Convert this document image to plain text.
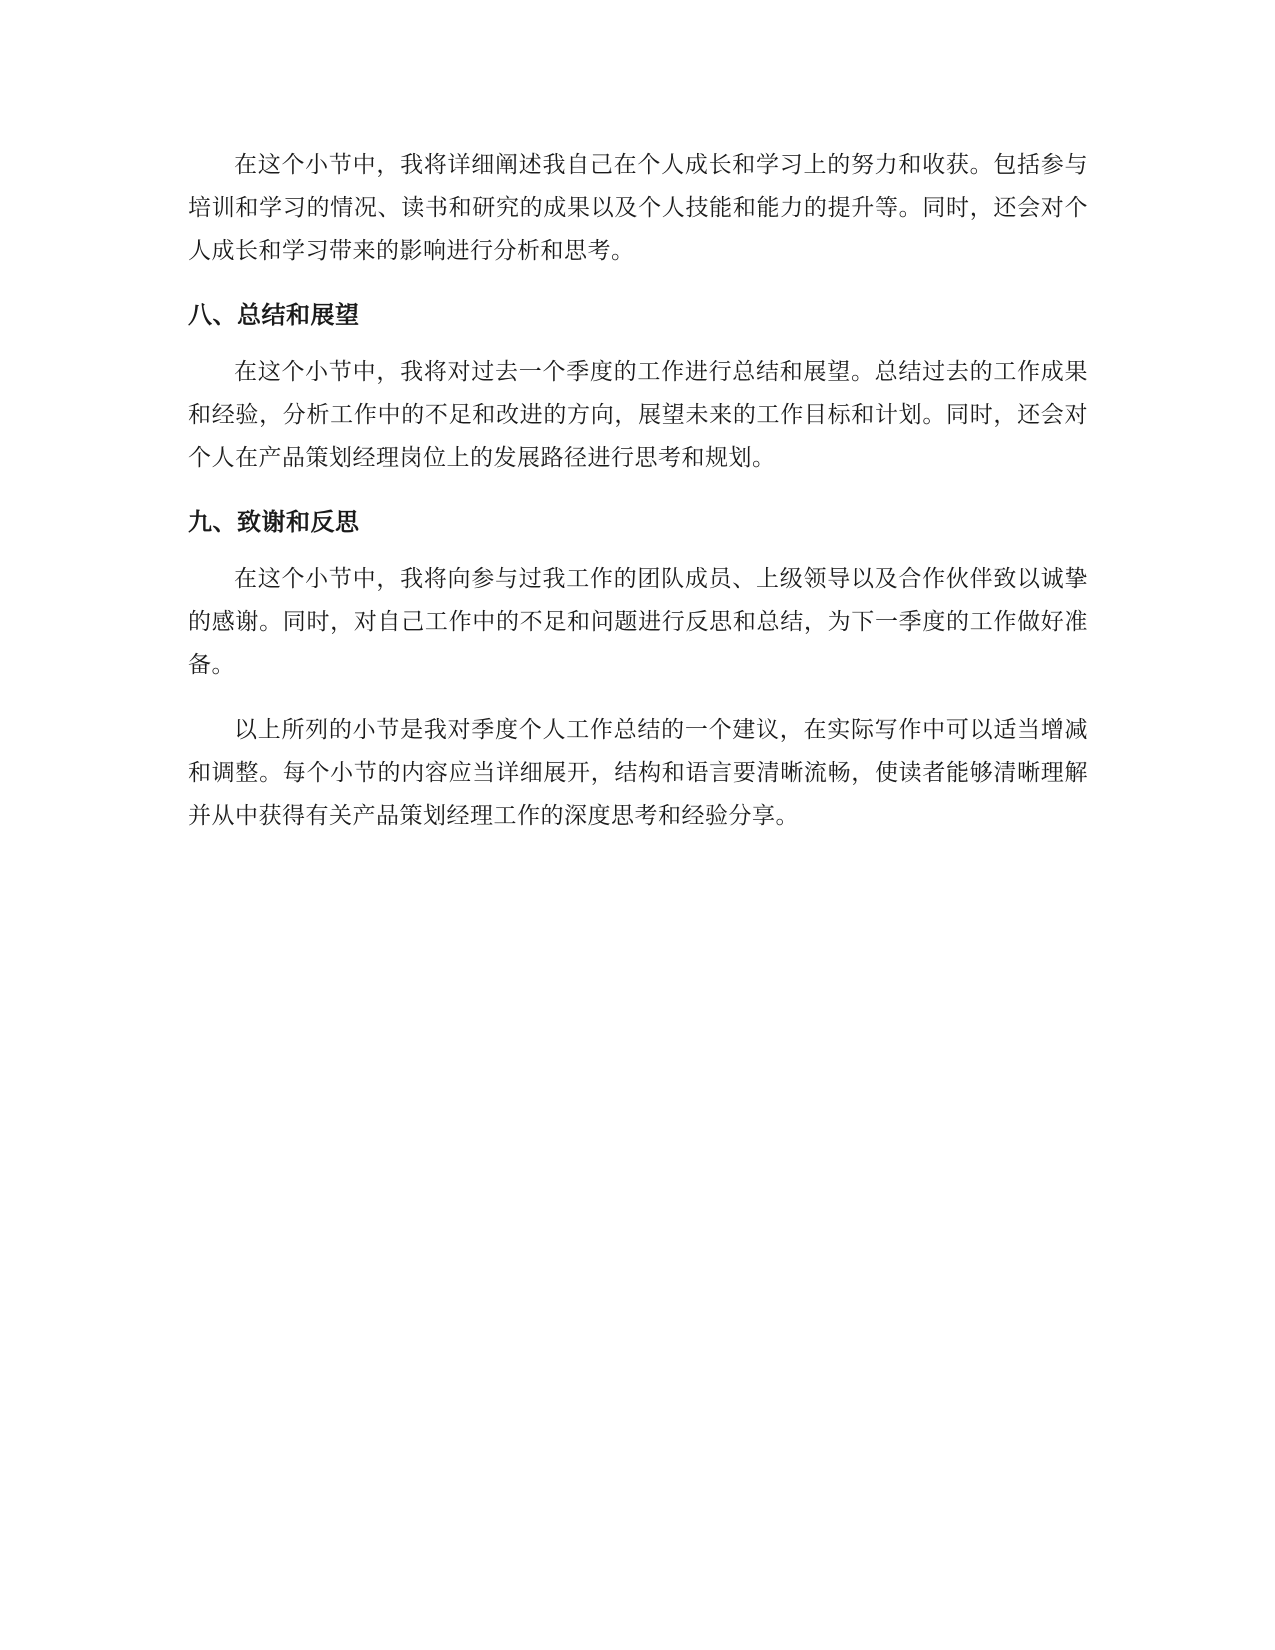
在这个小节中，我将详细阐述我自己在个人成长和学习上的努力和收获。包括参与培训和学习的情况、读书和研究的成果以及个人技能和能力的提升等。同时，还会对个人成长和学习带来的影响进行分析和思考。

八、总结和展望

在这个小节中，我将对过去一个季度的工作进行总结和展望。总结过去的工作成果和经验，分析工作中的不足和改进的方向，展望未来的工作目标和计划。同时，还会对个人在产品策划经理岗位上的发展路径进行思考和规划。

九、致谢和反思

在这个小节中，我将向参与过我工作的团队成员、上级领导以及合作伙伴致以诚挚的感谢。同时，对自己工作中的不足和问题进行反思和总结，为下一季度的工作做好准备。

以上所列的小节是我对季度个人工作总结的一个建议，在实际写作中可以适当增减和调整。每个小节的内容应当详细展开，结构和语言要清晰流畅，使读者能够清晰理解并从中获得有关产品策划经理工作的深度思考和经验分享。
